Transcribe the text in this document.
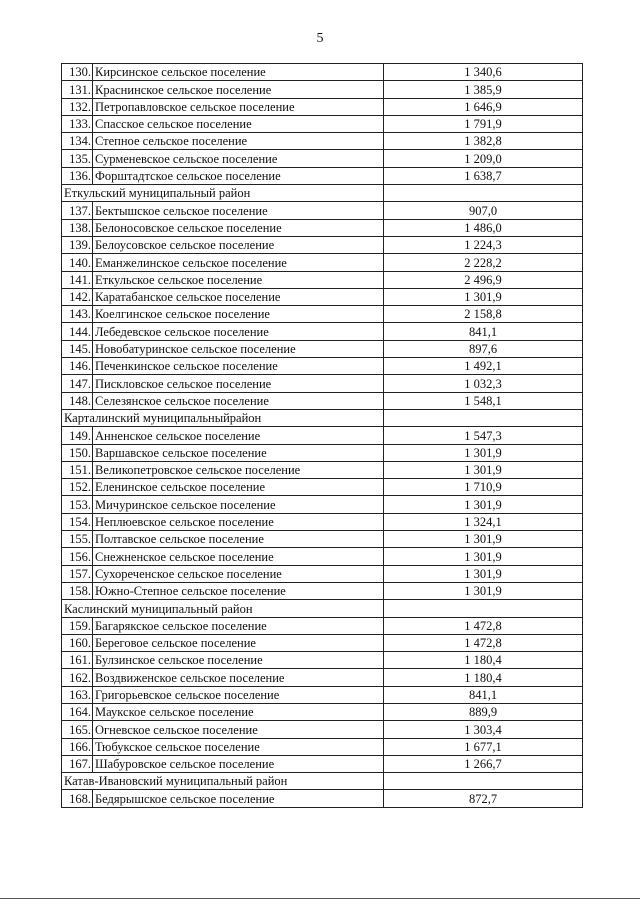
5
130.	Кирсинское сельское поселение	1 340,6
131.	Краснинское сельское поселение	1 385,9
132.	Петропавловское сельское поселение	1 646,9
133.	Спасское сельское поселение	1 791,9
134.	Степное сельское поселение	1 382,8
135.	Сурменевское сельское поселение	1 209,0
136.	Форштадтское сельское поселение	1 638,7
Еткульский муниципальный район		
137.	Бектышское сельское поселение	907,0
138.	Белоносовское сельское поселение	1 486,0
139.	Белоусовское сельское поселение	1 224,3
140.	Еманжелинское сельское поселение	2 228,2
141.	Еткульское сельское поселение	2 496,9
142.	Каратабанское сельское поселение	1 301,9
143.	Коелгинское сельское поселение	2 158,8
144.	Лебедевское сельское поселение	841,1
145.	Новобатуринское сельское поселение	897,6
146.	Печенкинское сельское поселение	1 492,1
147.	Писклoвское сельское поселение	1 032,3
148.	Селезянское сельское поселение	1 548,1
Карталинский муниципальныйрайон		
149.	Анненское сельское поселение	1 547,3
150.	Варшавское сельское поселение	1 301,9
151.	Великопетровское сельское поселение	1 301,9
152.	Еленинское сельское поселение	1 710,9
153.	Мичуринское сельское поселение	1 301,9
154.	Неплюевское сельское поселение	1 324,1
155.	Полтавское сельское поселение	1 301,9
156.	Снежненское сельское поселение	1 301,9
157.	Сухореченское сельское поселение	1 301,9
158.	Южно-Степное сельское поселение	1 301,9
Каслинский муниципальный район		
159.	Багарякское сельское поселение	1 472,8
160.	Береговое сельское поселение	1 472,8
161.	Булзинское сельское поселение	1 180,4
162.	Воздвиженское сельское поселение	1 180,4
163.	Григорьевское сельское поселение	841,1
164.	Маукское сельское поселение	889,9
165.	Огневское сельское поселение	1 303,4
166.	Тюбукское сельское поселение	1 677,1
167.	Шабуровское сельское поселение	1 266,7
Катав-Ивановский муниципальный район		
168.	Бедярышское сельское поселение	872,7
